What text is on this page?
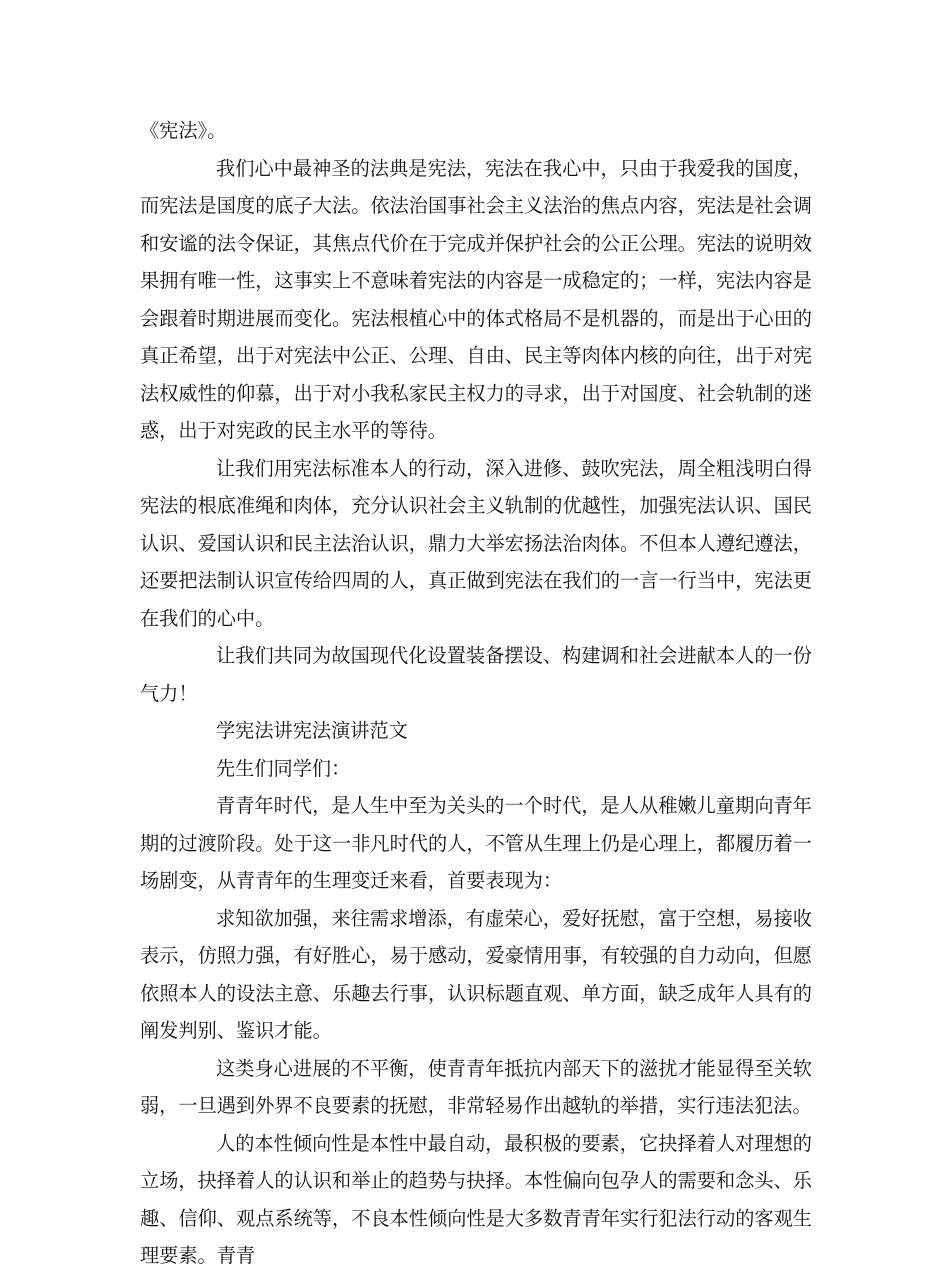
《宪法》。

我们心中最神圣的法典是宪法，宪法在我心中，只由于我爱我的国度，而宪法是国度的底子大法。依法治国事社会主义法治的焦点内容，宪法是社会调和安谧的法令保证，其焦点代价在于完成并保护社会的公正公理。宪法的说明效果拥有唯一性，这事实上不意味着宪法的内容是一成稳定的；一样，宪法内容是会跟着时期进展而变化。宪法根植心中的体式格局不是机器的，而是出于心田的真正希望，出于对宪法中公正、公理、自由、民主等肉体内核的向往，出于对宪法权威性的仰慕，出于对小我私家民主权力的寻求，出于对国度、社会轨制的迷惑，出于对宪政的民主水平的等待。

让我们用宪法标准本人的行动，深入进修、鼓吹宪法，周全粗浅明白得宪法的根底准绳和肉体，充分认识社会主义轨制的优越性，加强宪法认识、国民认识、爱国认识和民主法治认识，鼎力大举宏扬法治肉体。不但本人遵纪遵法，还要把法制认识宣传给四周的人，真正做到宪法在我们的一言一行当中，宪法更在我们的心中。

让我们共同为故国现代化设置装备摆设、构建调和社会进献本人的一份气力！

学宪法讲宪法演讲范文

先生们同学们：

青青年时代，是人生中至为关头的一个时代，是人从稚嫩儿童期向青年期的过渡阶段。处于这一非凡时代的人，不管从生理上仍是心理上，都履历着一场剧变，从青青年的生理变迁来看，首要表现为：

求知欲加强，来往需求增添，有虚荣心，爱好抚慰，富于空想，易接收表示，仿照力强，有好胜心，易于感动，爱豪情用事，有较强的自力动向，但愿依照本人的设法主意、乐趣去行事，认识标题直观、单方面，缺乏成年人具有的阐发判别、鉴识才能。

这类身心进展的不平衡，使青青年抵抗内部天下的滋扰才能显得至关软弱，一旦遇到外界不良要素的抚慰，非常轻易作出越轨的举措，实行违法犯法。

人的本性倾向性是本性中最自动，最积极的要素，它抉择着人对理想的立场，抉择着人的认识和举止的趋势与抉择。本性偏向包孕人的需要和念头、乐趣、信仰、观点系统等，不良本性倾向性是大多数青青年实行犯法行动的客观生理要素。青青
